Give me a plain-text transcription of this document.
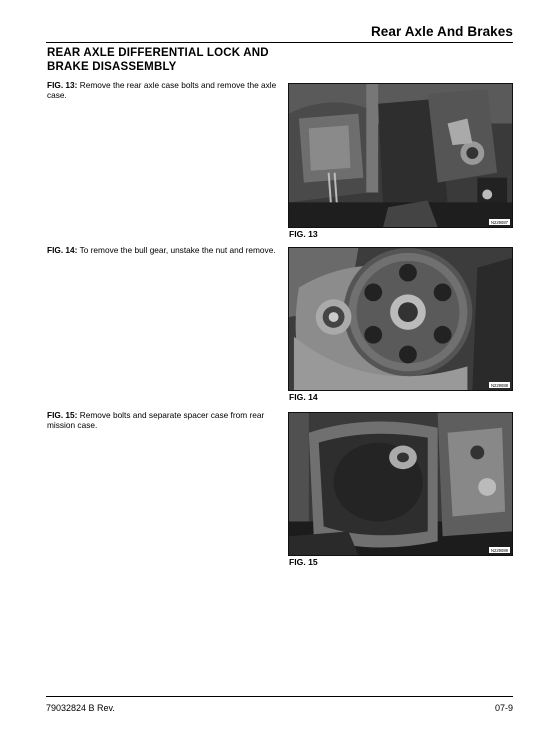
Rear Axle And Brakes
REAR AXLE DIFFERENTIAL LOCK AND BRAKE DISASSEMBLY
FIG. 13: Remove the rear axle case bolts and remove the axle case.
N229087
FIG. 13
FIG. 14: To remove the bull gear, unstake the nut and remove.
N229088
FIG. 14
FIG. 15: Remove bolts and separate spacer case from rear mission case.
N229089
FIG. 15
79032824 B Rev.	07-9
